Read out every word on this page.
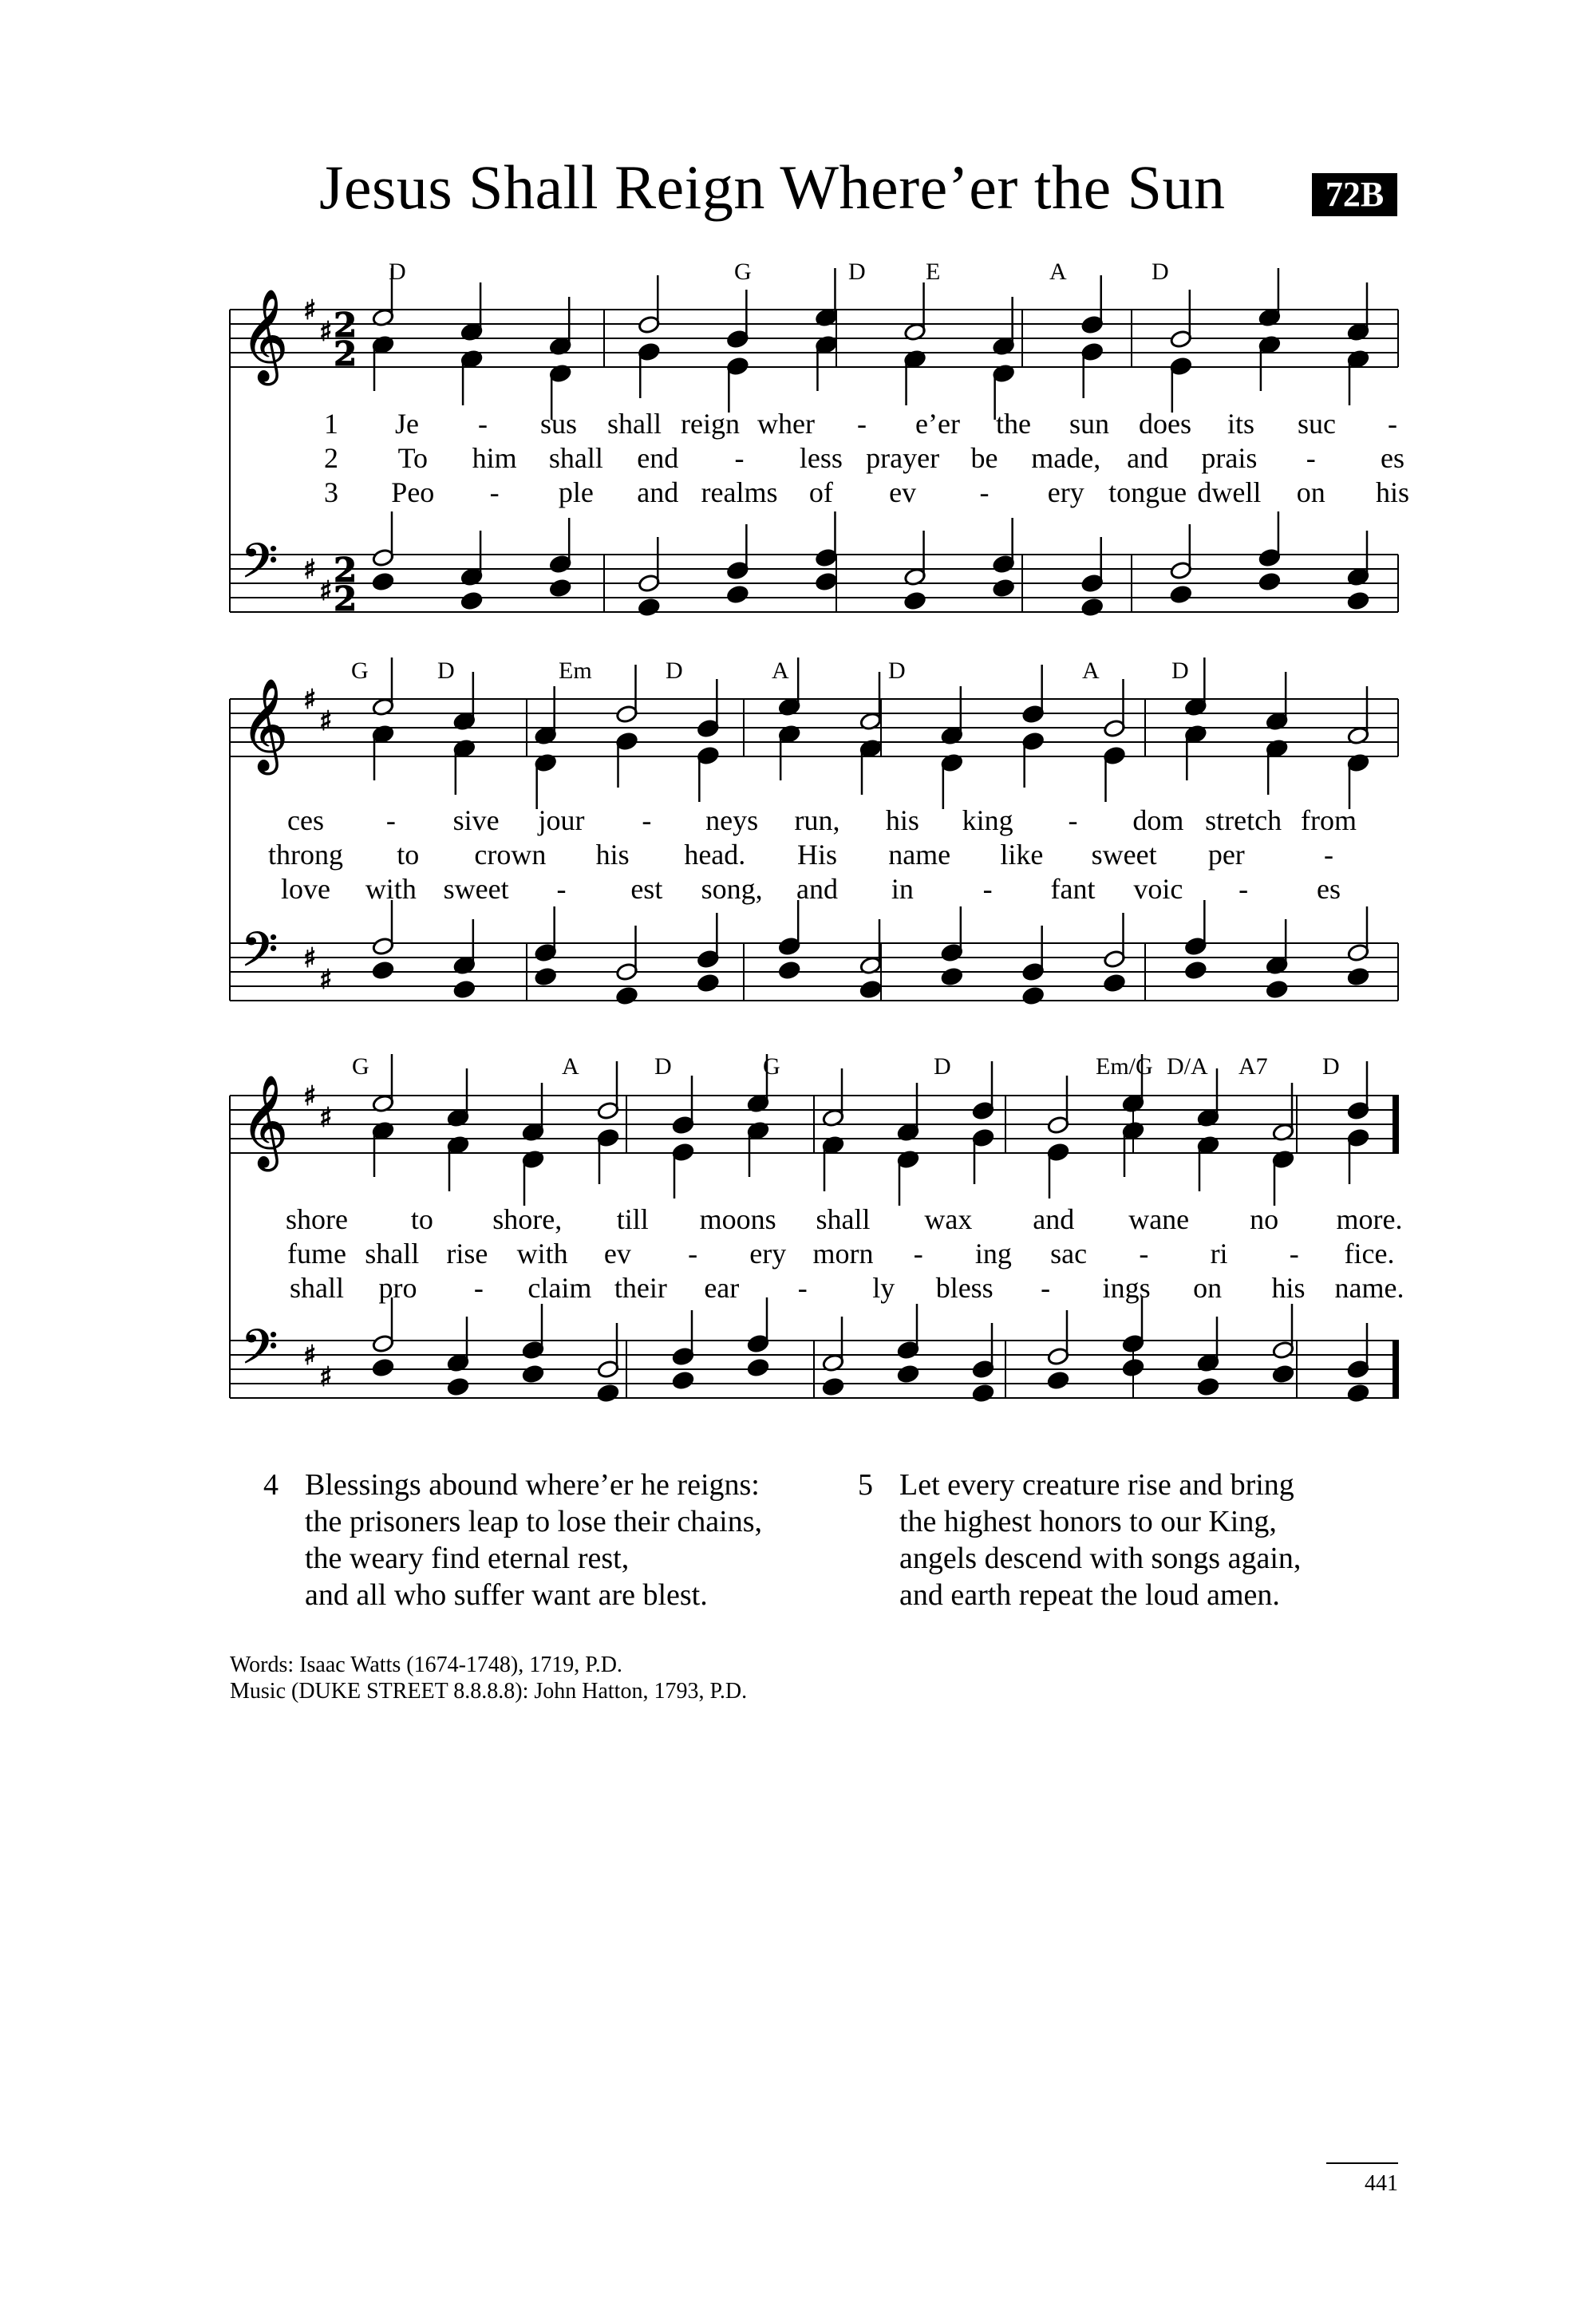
Jesus Shall Reign Where’er the Sun	72B
𝄞 ♯
♯
𝄢 ♯
♯
2
2
2
2
𝄞 ♯
♯
𝄢 ♯
♯
𝄞 ♯
♯
𝄢 ♯
♯
D	G	D	E	A	D
G	D	Em	D	A	D	A	D
G	A	D	G	D	Em/G D/A A7 D
1 Je - sus shall reign wher - e’er the sun does its suc -
2 To him shall end - less prayer be made, and prais - es
3 Peo - ple and realms of ev - ery tongue dwell on his
ces - sive jour - neys run, his king - dom stretch from
throng to crown his head. His name like sweet per	-
love with sweet - est song, and in - fant voic - es
shore to shore, till moons shall wax and wane no more.
fume shall rise with ev - ery morn - ing sac - ri - fice.
shall pro - claim their ear - ly bless - ings on his name.
4 Blessings abound where’er he reigns:
the prisoners leap to lose their chains,
the weary find eternal rest,
and all who suffer want are blest.
5 Let every creature rise and bring
the highest honors to our King,
angels descend with songs again,
and earth repeat the loud amen.
Words: Isaac Watts (1674-1748), 1719, P.D.
Music (DUKE STREET 8.8.8.8): John Hatton, 1793, P.D.
441
